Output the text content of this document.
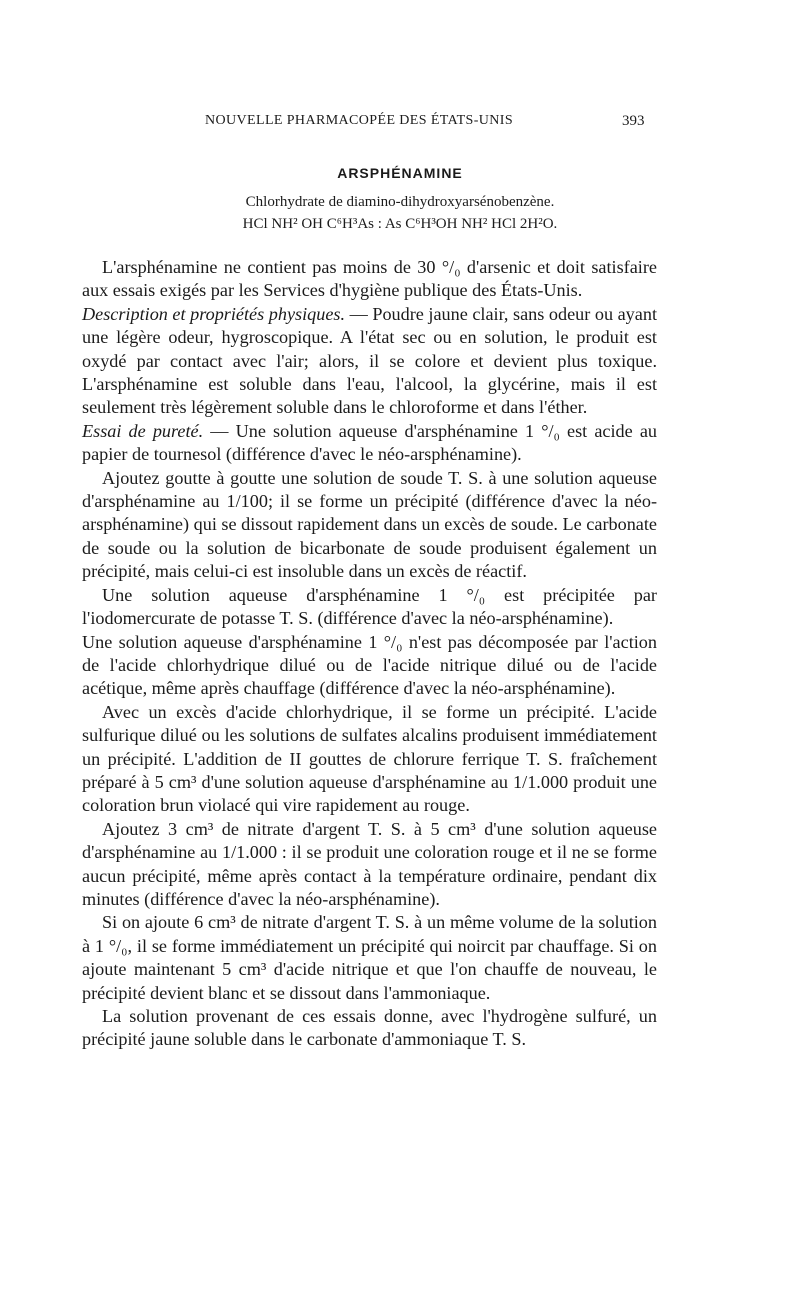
NOUVELLE PHARMACOPÉE DES ÉTATS-UNIS	393
ARSPHÉNAMINE
Chlorhydrate de diamino-dihydroxyarsénobenzène.
HCl NH² OH C⁶H³As : As C⁶H³OH NH² HCl 2H²O.

L'arsphénamine ne contient pas moins de 30 °/₀ d'arsenic et doit satisfaire aux essais exigés par les Services d'hygiène publique des États-Unis.

Description et propriétés physiques. — Poudre jaune clair, sans odeur ou ayant une légère odeur, hygroscopique. A l'état sec ou en solution, le produit est oxydé par contact avec l'air; alors, il se colore et devient plus toxique. L'arsphénamine est soluble dans l'eau, l'alcool, la glycérine, mais il est seulement très légèrement soluble dans le chloroforme et dans l'éther.

Essai de pureté. — Une solution aqueuse d'arsphénamine 1 °/₀ est acide au papier de tournesol (différence d'avec le néo-arsphénamine).

Ajoutez goutte à goutte une solution de soude T. S. à une solution aqueuse d'arsphénamine au 1/100; il se forme un précipité (différence d'avec la néo-arsphénamine) qui se dissout rapidement dans un excès de soude. Le carbonate de soude ou la solution de bicarbonate de soude produisent également un précipité, mais celui-ci est insoluble dans un excès de réactif.

Une solution aqueuse d'arsphénamine 1 °/₀ est précipitée par l'iodomercurate de potasse T. S. (différence d'avec la néo-arsphénamine).

Une solution aqueuse d'arsphénamine 1 °/₀ n'est pas décomposée par l'action de l'acide chlorhydrique dilué ou de l'acide nitrique dilué ou de l'acide acétique, même après chauffage (différence d'avec la néo-arsphénamine).

Avec un excès d'acide chlorhydrique, il se forme un précipité. L'acide sulfurique dilué ou les solutions de sulfates alcalins produisent immédiatement un précipité. L'addition de II gouttes de chlorure ferrique T. S. fraîchement préparé à 5 cm³ d'une solution aqueuse d'arsphénamine au 1/1.000 produit une coloration brun violacé qui vire rapidement au rouge.

Ajoutez 3 cm³ de nitrate d'argent T. S. à 5 cm³ d'une solution aqueuse d'arsphénamine au 1/1.000 : il se produit une coloration rouge et il ne se forme aucun précipité, même après contact à la température ordinaire, pendant dix minutes (différence d'avec la néo-arsphénamine).

Si on ajoute 6 cm³ de nitrate d'argent T. S. à un même volume de la solution à 1 °/₀, il se forme immédiatement un précipité qui noircit par chauffage. Si on ajoute maintenant 5 cm³ d'acide nitrique et que l'on chauffe de nouveau, le précipité devient blanc et se dissout dans l'ammoniaque.

La solution provenant de ces essais donne, avec l'hydrogène sulfuré, un précipité jaune soluble dans le carbonate d'ammoniaque T. S.
